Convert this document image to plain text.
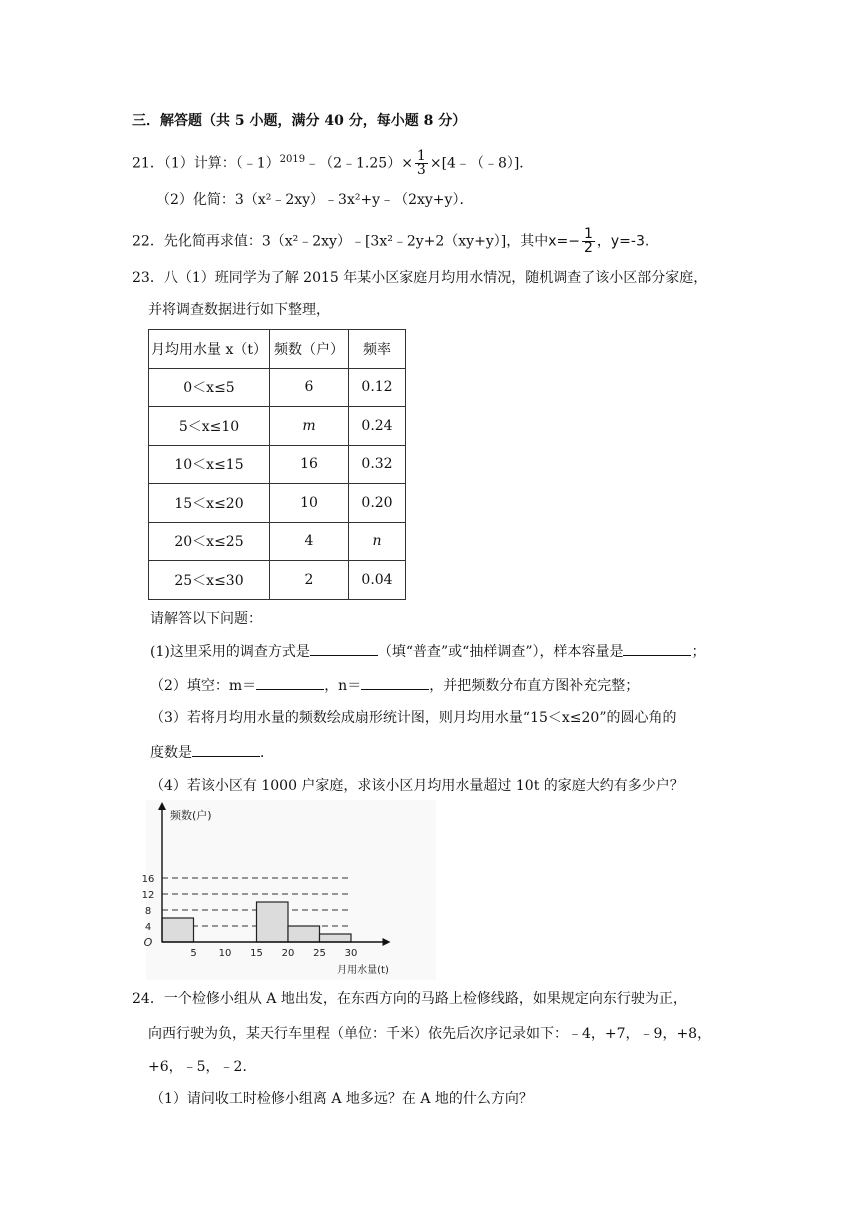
三．解答题（共 5 小题，满分 40 分，每小题 8 分）
21．（1）计算：（﹣1）$^{2019}$﹣（2﹣1.25）× $\frac{1}{3}$ ×[4﹣（﹣8）]．
（2）化简：3（x²﹣2xy）﹣3x²+y﹣（2xy+y）．
22．先化简再求值：3（x²﹣2xy）﹣[3x²﹣2y+2（xy+y）]，其中$x=- \frac{1}{2}$ ，y=-3.
23．八（1）班同学为了解 2015 年某小区家庭月均用水情况，随机调查了该小区部分家庭，
并将调查数据进行如下整理，
月均用水量 x（t）	频数（户）	频率
0＜x≤5	6	0.12
5＜x≤10	m	0.24
10＜x≤15	16	0.32
15＜x≤20	10	0.20
20＜x≤25	4	n
25＜x≤30	2	0.04
请解答以下问题：
(1)这里采用的调查方式是	（填“普查”或“抽样调查”），样本容量是	；
（2）填空：m＝	，n＝	，并把频数分布直方图补充完整；
（3）若将月均用水量的频数绘成扇形统计图，则月均用水量“15＜x≤20”的圆心角的
度数是	．
（4）若该小区有 1000 户家庭，求该小区月均用水量超过 10t 的家庭大约有多少户？
4
8
12
16
5 10 15 20 25 30
O
频数(户)
月用水量(t)
24．一个检修小组从 A 地出发，在东西方向的马路上检修线路，如果规定向东行驶为正，
向西行驶为负，某天行车里程（单位：千米）依先后次序记录如下：﹣4，+7，﹣9，+8，
+6，﹣5，﹣2．
（1）请问收工时检修小组离 A 地多远？在 A 地的什么方向？
